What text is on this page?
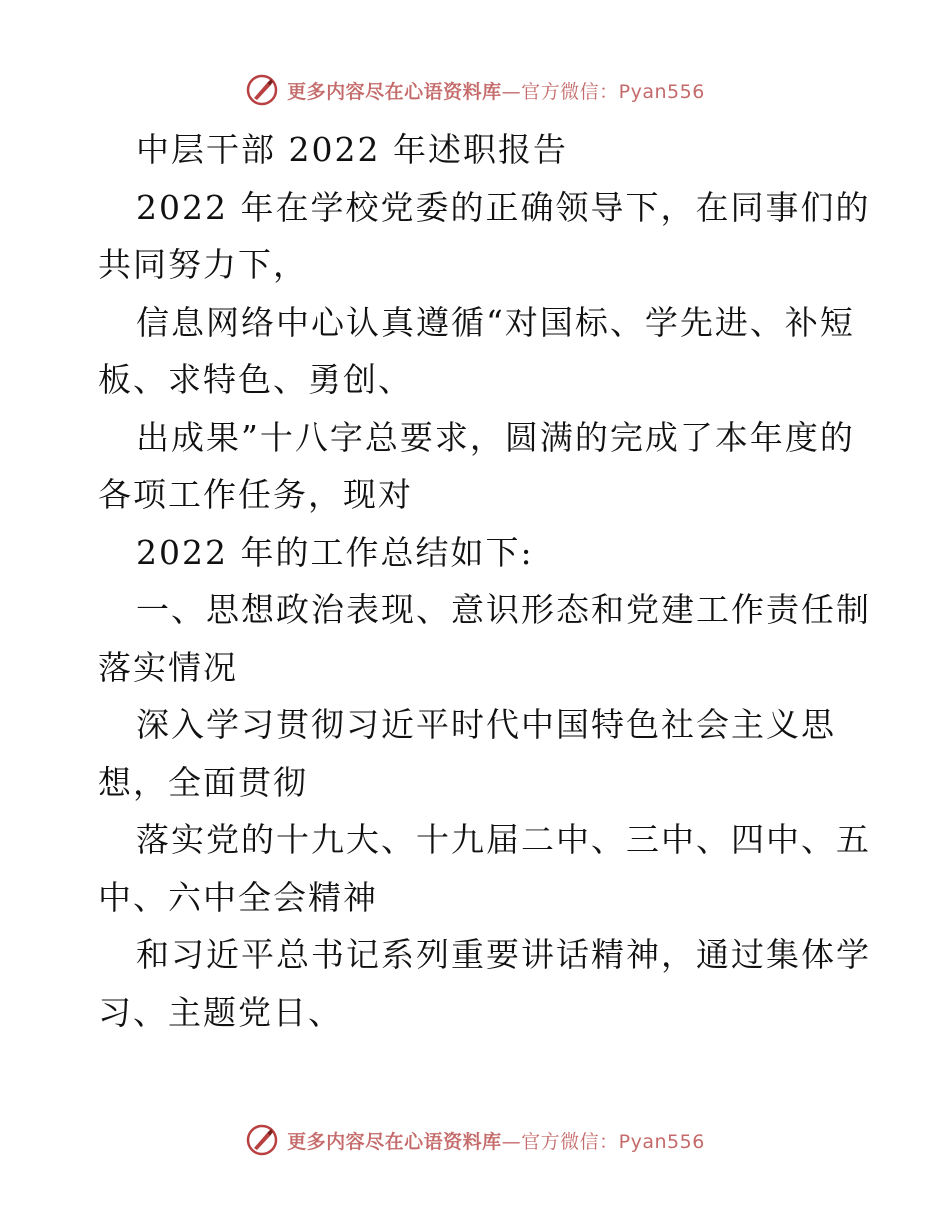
更多内容尽在心语资料库—官方微信：Pyan556
中层干部 2022 年述职报告
2022 年在学校党委的正确领导下，在同事们的
共同努力下，
信息网络中心认真遵循“对国标、学先进、补短
板、求特色、勇创、
出成果”十八字总要求，圆满的完成了本年度的
各项工作任务，现对
2022 年的工作总结如下:
一、思想政治表现、意识形态和党建工作责任制
落实情况
深入学习贯彻习近平时代中国特色社会主义思
想，全面贯彻
落实党的十九大、十九届二中、三中、四中、五
中、六中全会精神
和习近平总书记系列重要讲话精神，通过集体学
习、主题党日、
更多内容尽在心语资料库—官方微信：Pyan556
